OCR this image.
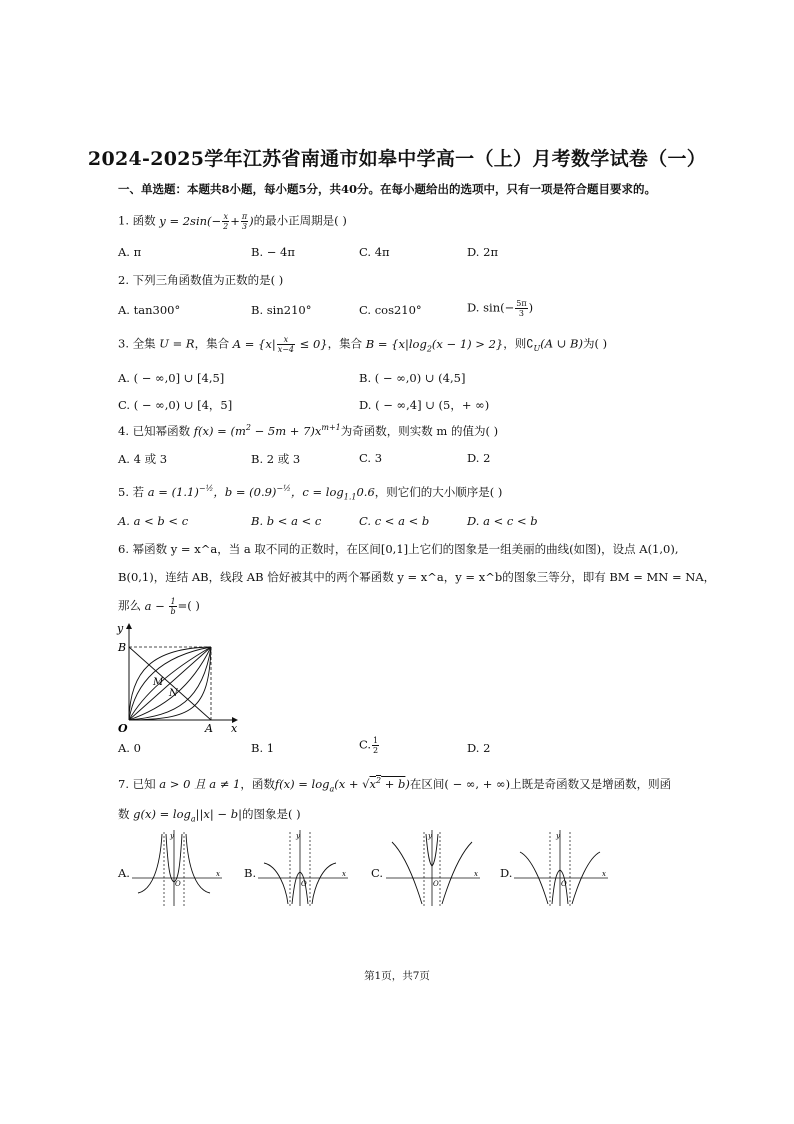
2024-2025学年江苏省南通市如皋中学高一（上）月考数学试卷（一）
一、单选题：本题共8小题，每小题5分，共40分。在每小题给出的选项中，只有一项是符合题目要求的。
1. 函数 $y = 2\sin(- \frac{x}{2} + \frac{\pi}{3}$ )的最小正周期是( )
A. π	B. − 4π	C. 4π	D. 2π
2. 下列三角函数值为正数的是( )
A. tan300°	B. sin210°	C. cos210°	D. $\sin(- \frac{5\pi}{3}$ )
3. 全集 U = R，集合 $A = \{x| \frac{x}{x-4} \le 0\}$，集合 $B = \{x|\log_2(x - 1) > 2\}$，则$∁_U(A$ ∪ B)为( )
A. ( − ∞,0] ∪ [4,5]	B. ( − ∞,0) ∪ (4,5]
C. ( − ∞,0) ∪ [4，5]	D. ( − ∞,4] ∪ (5，+ ∞)
4. 已知幂函数 $f(x) = (m^2 - 5m + 7)x^{m+1}$为奇函数，则实数 m 的值为( )
A. 4 或 3	B. 2 或 3	C. 3	D. 2
5. 若 $a = (1.1)^{-\frac{1}{2}}$，$b = (0.9)^{-\frac{1}{2}}$，$c = \log_{1.1}0.6$，则它们的大小顺序是( )
A. a < b < c	B. b < a < c	C. c < a < b	D. a < c < b
6. 幂函数 y = x^a，当 a 取不同的正数时，在区间[0,1]上它们的图象是一组美丽的曲线(如图)，设点 A(1,0),
B(0,1)，连结 AB，线段 AB 恰好被其中的两个幂函数 y = x^a，y = x^b的图象三等分，即有 BM = MN = NA，
那么 $a - \frac{1}{b}$ =( )
y
x
O	A
B
M
N
A. 0	B. 1	C. $\frac{1}{2}$	D. 2
7. 已知 a > 0 且 a ≠ 1，函数$f(x) = \log_a(x + √x^2 + b)$在区间( − ∞, + ∞)上既是奇函数又是增函数，则函
数 $g(x) = \log_a||x| - b|$的图象是( )
A.
y
x
O
B.
y
x
O
C.
y
x
O
D.
y
x
O
第1页，共7页
